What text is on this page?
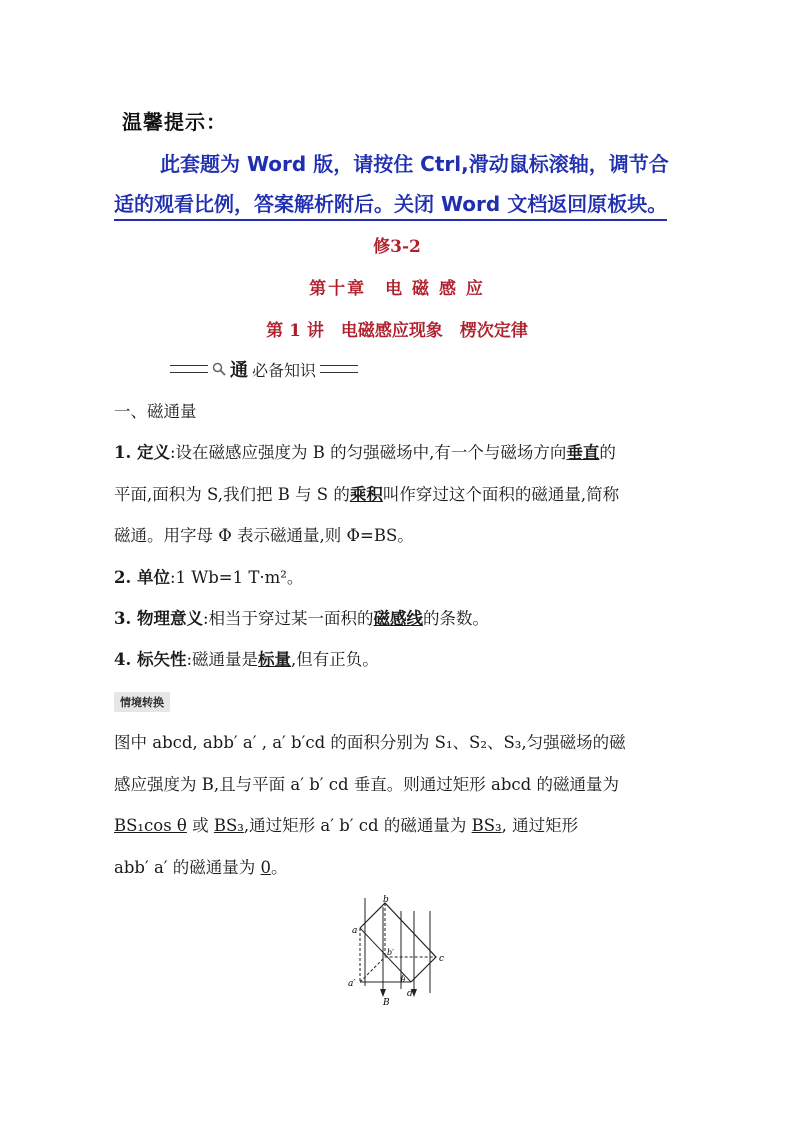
温馨提示：
此套题为 Word 版，请按住 Ctrl,滑动鼠标滚轴，调节合
适的观看比例，答案解析附后。关闭 Word 文档返回原板块。
修3-2
第十章　电 磁 感 应
第 1 讲　电磁感应现象　楞次定律
通 必备知识
一、磁通量
1. 定义:设在磁感应强度为 B 的匀强磁场中,有一个与磁场方向垂直的
平面,面积为 S,我们把 B 与 S 的乘积叫作穿过这个面积的磁通量,简称
磁通。用字母 Φ 表示磁通量,则 Φ=BS。
2. 单位:1 Wb=1 T·m²。
3. 物理意义:相当于穿过某一面积的磁感线的条数。
4. 标矢性:磁通量是标量,但有正负。
情境转换
图中 abcd, abb′ a′ , a′ b′cd 的面积分别为 S₁、S₂、S₃,匀强磁场的磁
感应强度为 B,且与平面 a′ b′ cd 垂直。则通过矩形 abcd 的磁通量为
BS₁cos θ 或 BS₃,通过矩形 a′ b′ cd 的磁通量为 BS₃, 通过矩形
abb′ a′ 的磁通量为 0。
b
a
b′
c
a′	θ
B
d
